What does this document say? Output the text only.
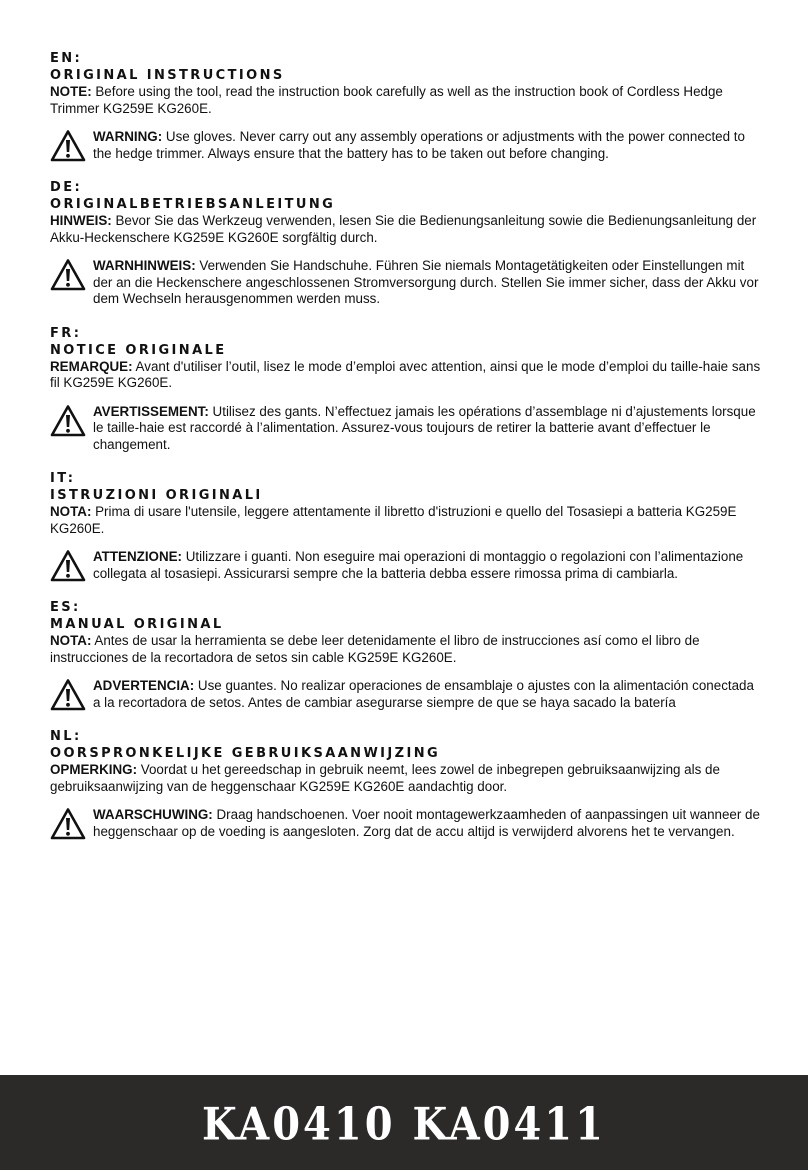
EN:
ORIGINAL INSTRUCTIONS

NOTE: Before using the tool, read the instruction book carefully as well as the instruction book of Cordless Hedge Trimmer KG259E KG260E.

WARNING: Use gloves. Never carry out any assembly operations or adjustments with the power connected to the hedge trimmer. Always ensure that the battery has to be taken out before changing.

DE:
ORIGINALBETRIEBSANLEITUNG

HINWEIS: Bevor Sie das Werkzeug verwenden, lesen Sie die Bedienungsanleitung sowie die Bedienungsanleitung der Akku-Heckenschere KG259E KG260E sorgfältig durch.

WARNHINWEIS: Verwenden Sie Handschuhe. Führen Sie niemals Montagetätigkeiten oder Einstellungen mit der an die Heckenschere angeschlossenen Stromversorgung durch. Stellen Sie immer sicher, dass der Akku vor dem Wechseln herausgenommen werden muss.

FR:
NOTICE ORIGINALE

REMARQUE: Avant d'utiliser l’outil, lisez le mode d’emploi avec attention, ainsi que le mode d’emploi du taille-haie sans fil KG259E KG260E.

AVERTISSEMENT: Utilisez des gants. N’effectuez jamais les opérations d’assemblage ni d’ajustements lorsque le taille-haie est raccordé à l’alimentation. Assurez-vous toujours de retirer la batterie avant d’effectuer le changement.

IT:
ISTRUZIONI ORIGINALI

NOTA: Prima di usare l'utensile, leggere attentamente il libretto d'istruzioni e quello del Tosasiepi a batteria KG259E KG260E.

ATTENZIONE: Utilizzare i guanti. Non eseguire mai operazioni di montaggio o regolazioni con l’alimentazione collegata al tosasiepi. Assicurarsi sempre che la batteria debba essere rimossa prima di cambiarla.

ES:
MANUAL ORIGINAL

NOTA: Antes de usar la herramienta se debe leer detenidamente el libro de instrucciones así como el libro de instrucciones de la recortadora de setos sin cable KG259E KG260E.

ADVERTENCIA: Use guantes. No realizar operaciones de ensamblaje o ajustes con la alimentación conectada a la recortadora de setos. Antes de cambiar asegurarse siempre de que se haya sacado la batería

NL:
OORSPRONKELIJKE GEBRUIKSAANWIJZING

OPMERKING: Voordat u het gereedschap in gebruik neemt, lees zowel de inbegrepen gebruiksaanwijzing als de gebruiksaanwijzing van de heggenschaar KG259E KG260E aandachtig door.

WAARSCHUWING: Draag handschoenen. Voer nooit montagewerkzaamheden of aanpassingen uit wanneer de heggenschaar op de voeding is aangesloten. Zorg dat de accu altijd is verwijderd alvorens het te vervangen.

KA0410 KA0411
